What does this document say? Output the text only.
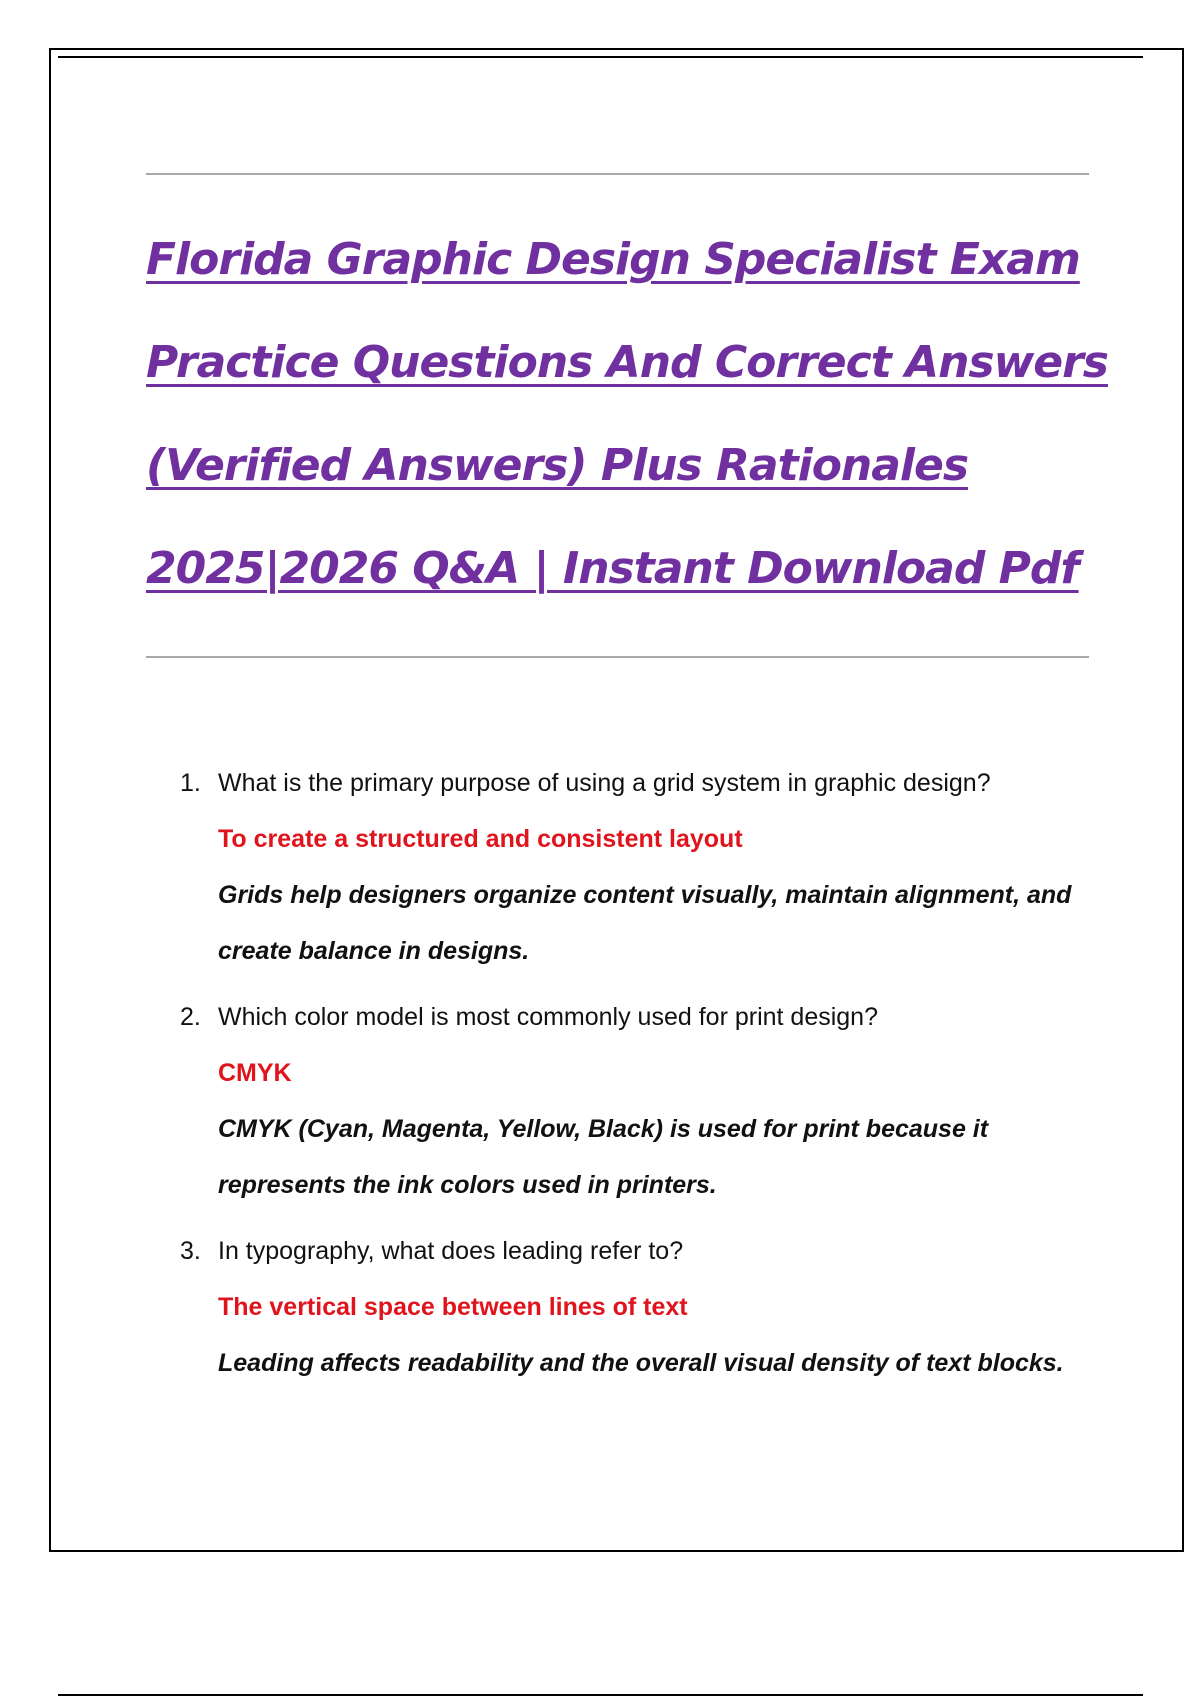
Florida Graphic Design Specialist Exam

Practice Questions And Correct Answers

(Verified Answers) Plus Rationales

2025|2026 Q&A | Instant Download Pdf

1. What is the primary purpose of using a grid system in graphic design?
To create a structured and consistent layout
Grids help designers organize content visually, maintain alignment, and create balance in designs.
2. Which color model is most commonly used for print design?
CMYK
CMYK (Cyan, Magenta, Yellow, Black) is used for print because it represents the ink colors used in printers.
3. In typography, what does leading refer to?
The vertical space between lines of text
Leading affects readability and the overall visual density of text blocks.
